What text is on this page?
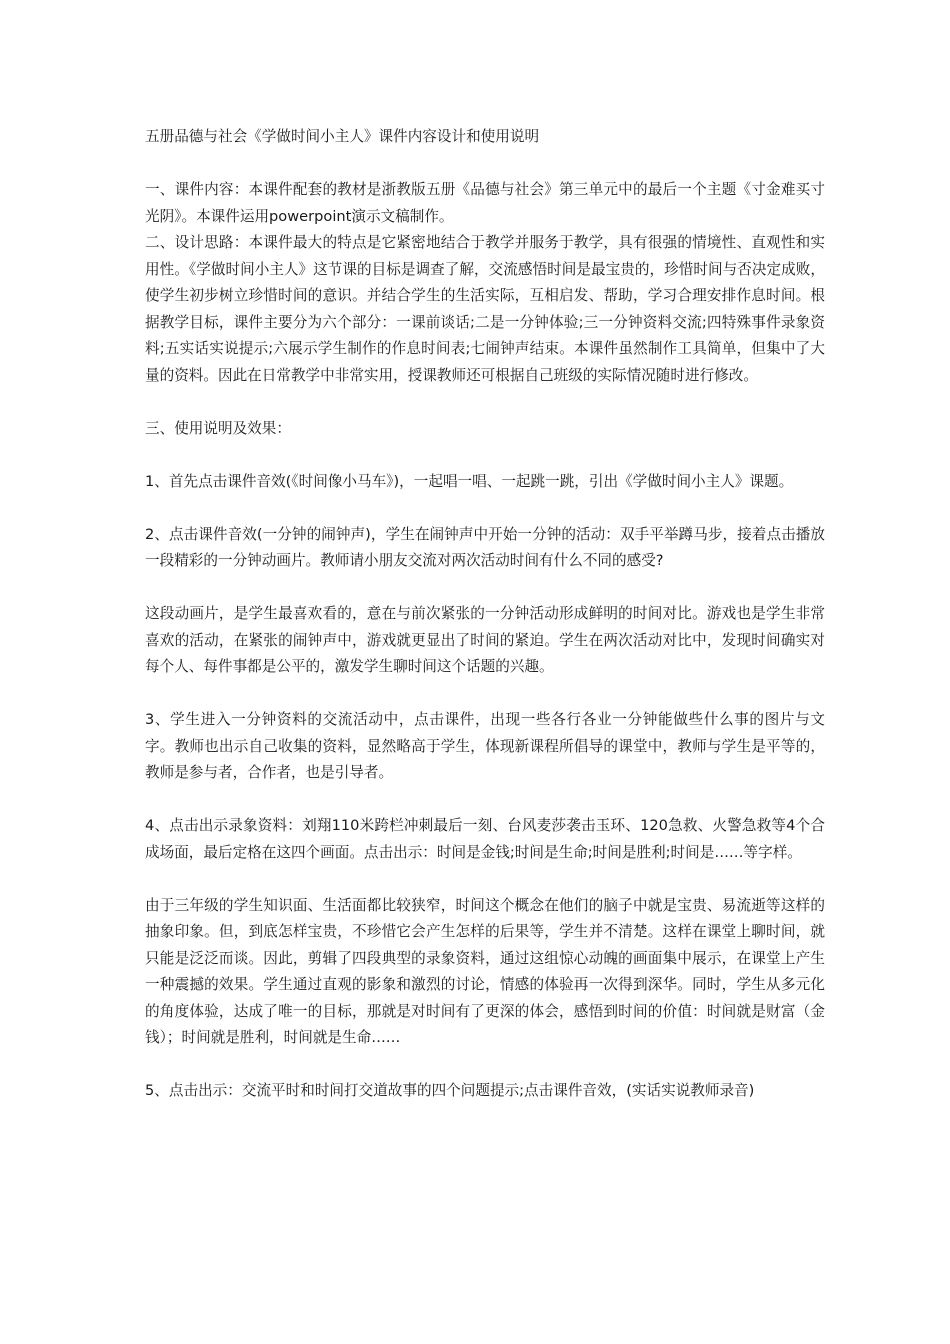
五册品德与社会《学做时间小主人》课件内容设计和使用说明

一、课件内容：本课件配套的教材是浙教版五册《品德与社会》第三单元中的最后一个主题《寸金难买寸光阴》。本课件运用powerpoint演示文稿制作。

二、设计思路：本课件最大的特点是它紧密地结合于教学并服务于教学，具有很强的情境性、直观性和实用性。《学做时间小主人》这节课的目标是调查了解，交流感悟时间是最宝贵的，珍惜时间与否决定成败，使学生初步树立珍惜时间的意识。并结合学生的生活实际，互相启发、帮助，学习合理安排作息时间。根据教学目标，课件主要分为六个部分：一课前谈话;二是一分钟体验;三一分钟资料交流;四特殊事件录象资料;五实话实说提示;六展示学生制作的作息时间表;七闹钟声结束。本课件虽然制作工具简单，但集中了大量的资料。因此在日常教学中非常实用，授课教师还可根据自己班级的实际情况随时进行修改。

三、使用说明及效果：

1、首先点击课件音效(《时间像小马车》)，一起唱一唱、一起跳一跳，引出《学做时间小主人》课题。

2、点击课件音效(一分钟的闹钟声)，学生在闹钟声中开始一分钟的活动：双手平举蹲马步，接着点击播放一段精彩的一分钟动画片。教师请小朋友交流对两次活动时间有什么不同的感受?

这段动画片，是学生最喜欢看的，意在与前次紧张的一分钟活动形成鲜明的时间对比。游戏也是学生非常喜欢的活动，在紧张的闹钟声中，游戏就更显出了时间的紧迫。学生在两次活动对比中，发现时间确实对每个人、每件事都是公平的，激发学生聊时间这个话题的兴趣。

3、学生进入一分钟资料的交流活动中，点击课件，出现一些各行各业一分钟能做些什么事的图片与文字。教师也出示自己收集的资料，显然略高于学生，体现新课程所倡导的课堂中，教师与学生是平等的，教师是参与者，合作者，也是引导者。

4、点击出示录象资料：刘翔110米跨栏冲刺最后一刻、台风麦莎袭击玉环、120急救、火警急救等4个合成场面，最后定格在这四个画面。点击出示：时间是金钱;时间是生命;时间是胜利;时间是……等字样。

由于三年级的学生知识面、生活面都比较狭窄，时间这个概念在他们的脑子中就是宝贵、易流逝等这样的抽象印象。但，到底怎样宝贵，不珍惜它会产生怎样的后果等，学生并不清楚。这样在课堂上聊时间，就只能是泛泛而谈。因此，剪辑了四段典型的录象资料，通过这组惊心动魄的画面集中展示，在课堂上产生一种震撼的效果。学生通过直观的影象和激烈的讨论，情感的体验再一次得到深华。同时，学生从多元化的角度体验，达成了唯一的目标，那就是对时间有了更深的体会，感悟到时间的价值：时间就是财富（金钱）；时间就是胜利，时间就是生命……

5、点击出示：交流平时和时间打交道故事的四个问题提示;点击课件音效，(实话实说教师录音)
